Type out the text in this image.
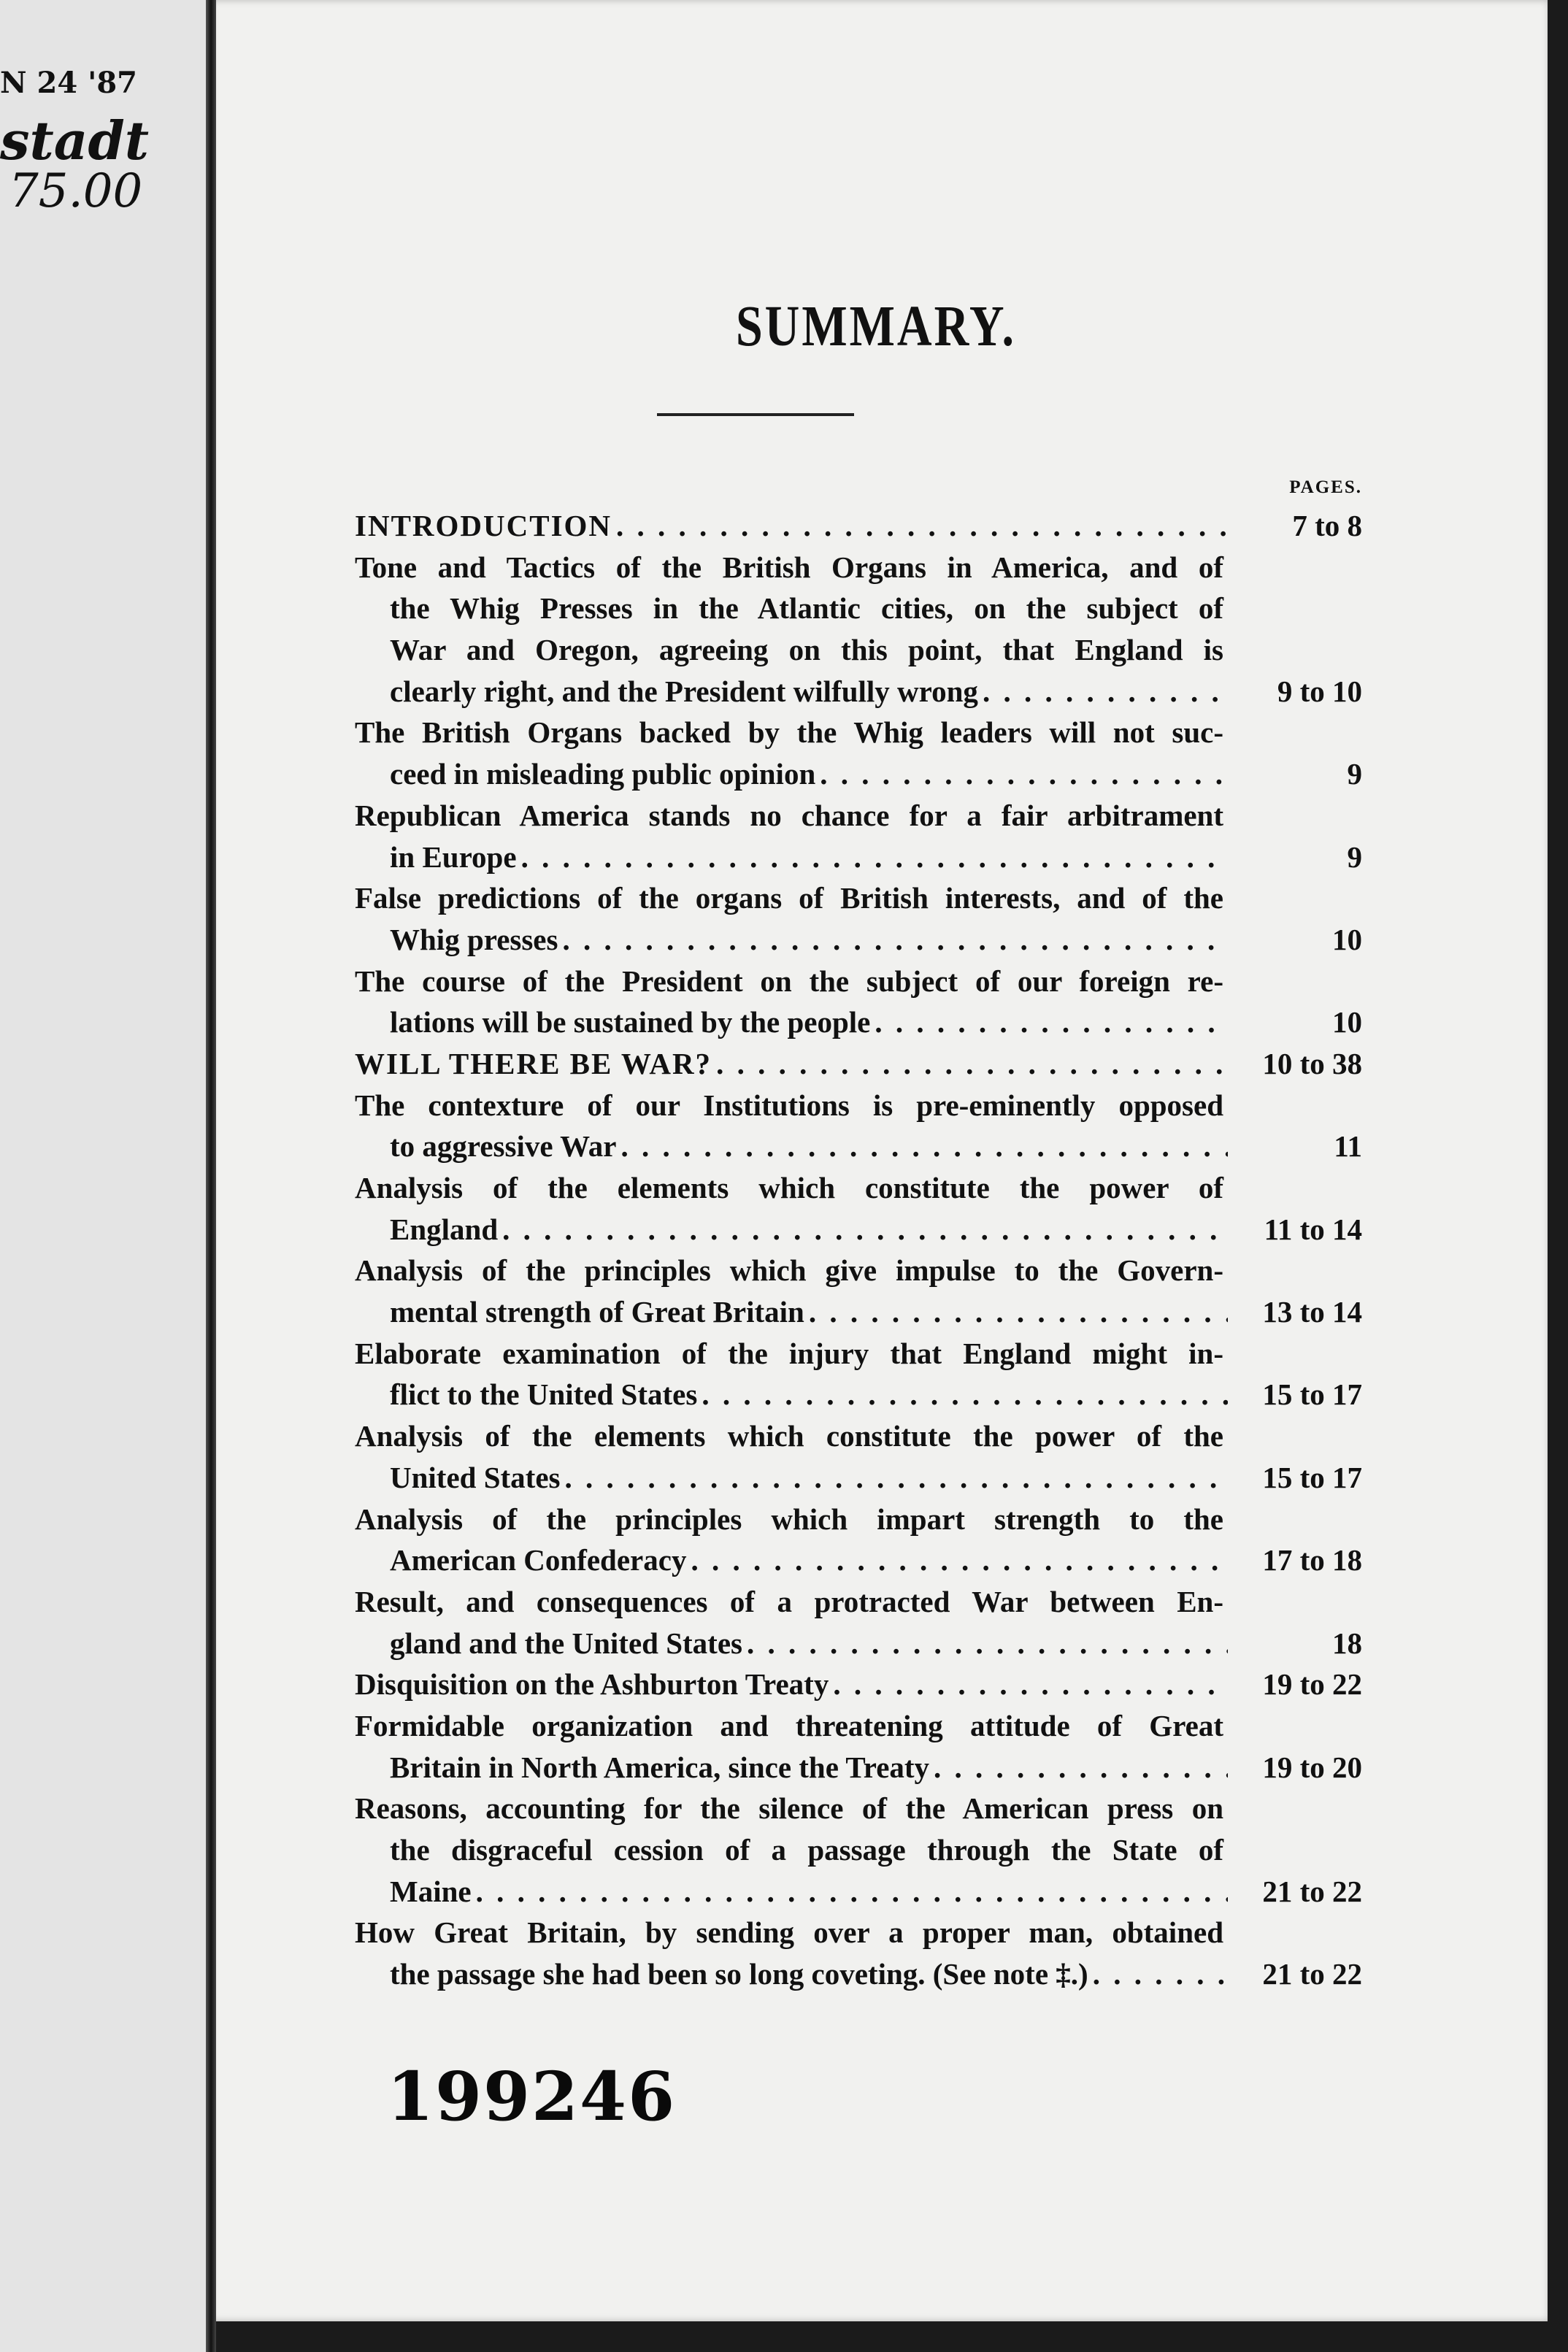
N 24 '87
stadt
75.00
SUMMARY.
PAGES.
INTRODUCTION . . .	7 to 8
Tone and Tactics of the British Organs in America, and of
the Whig Presses in the Atlantic cities, on the subject of
War and Oregon, agreeing on this point, that England is
clearly right, and the President wilfully wrong . . .	9 to 10
The British Organs backed by the Whig leaders will not suc-
ceed in misleading public opinion . . .	9
Republican America stands no chance for a fair arbitrament
in Europe . . .	9
False predictions of the organs of British interests, and of the
Whig presses . . .	10
The course of the President on the subject of our foreign re-
lations will be sustained by the people . . .	10
WILL THERE BE WAR? . . .	10 to 38
The contexture of our Institutions is pre-eminently opposed
to aggressive War . . .	11
Analysis of the elements which constitute the power of
England . . .	11 to 14
Analysis of the principles which give impulse to the Govern-
mental strength of Great Britain . . .	13 to 14
Elaborate examination of the injury that England might in-
flict to the United States . . .	15 to 17
Analysis of the elements which constitute the power of the
United States . . .	15 to 17
Analysis of the principles which impart strength to the
American Confederacy . . .	17 to 18
Result, and consequences of a protracted War between En-
gland and the United States . . .	18
Disquisition on the Ashburton Treaty . . .	19 to 22
Formidable organization and threatening attitude of Great
Britain in North America, since the Treaty . . .	19 to 20
Reasons, accounting for the silence of the American press on
the disgraceful cession of a passage through the State of
Maine . . .	21 to 22
How Great Britain, by sending over a proper man, obtained
the passage she had been so long coveting. (See note ‡.) . . .	21 to 22
199246
